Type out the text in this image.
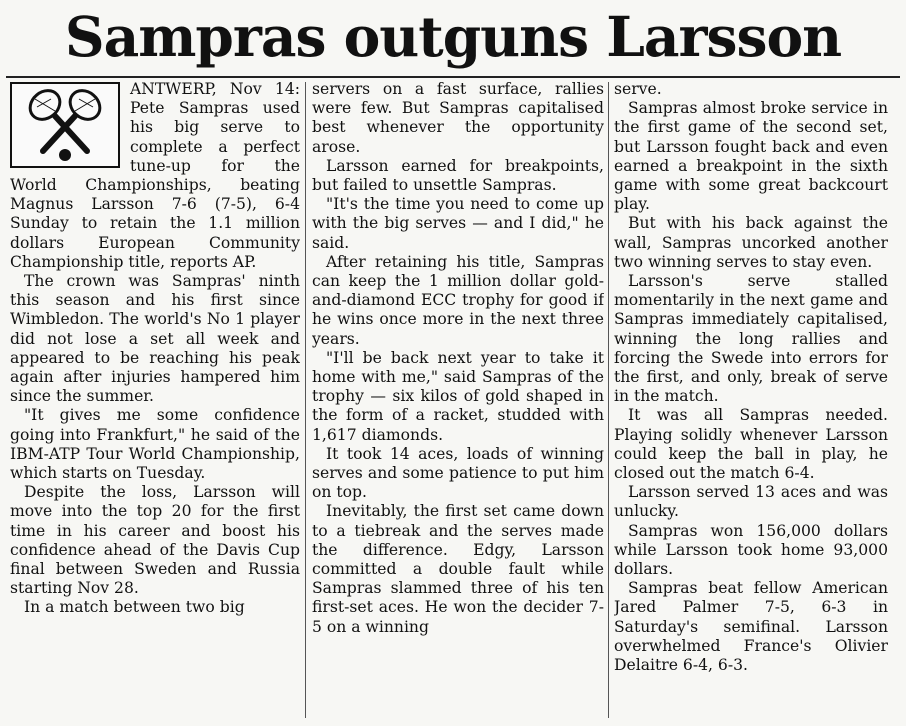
Sampras outguns Larsson

ANTWERP, Nov 14: Pete Sampras used his big serve to complete a perfect tune-up for the World Championships, beating Magnus Larsson 7-6 (7-5), 6-4 Sunday to retain the 1.1 million dollars European Community Championship title, reports AP.

The crown was Sampras' ninth this season and his first since Wimbledon. The world's No 1 player did not lose a set all week and appeared to be reaching his peak again after injuries hampered him since the summer.

"It gives me some confidence going into Frankfurt," he said of the IBM-ATP Tour World Championship, which starts on Tuesday.

Despite the loss, Larsson will move into the top 20 for the first time in his career and boost his confidence ahead of the Davis Cup final between Sweden and Russia starting Nov 28.

In a match between two big

servers on a fast surface, rallies were few. But Sampras capitalised best whenever the opportunity arose.

Larsson earned for breakpoints, but failed to unsettle Sampras.

"It's the time you need to come up with the big serves — and I did," he said.

After retaining his title, Sampras can keep the 1 million dollar gold-and-diamond ECC trophy for good if he wins once more in the next three years.

"I'll be back next year to take it home with me," said Sampras of the trophy — six kilos of gold shaped in the form of a racket, studded with 1,617 diamonds.

It took 14 aces, loads of winning serves and some patience to put him on top.

Inevitably, the first set came down to a tiebreak and the serves made the difference. Edgy, Larsson committed a double fault while Sampras slammed three of his ten first-set aces. He won the decider 7-5 on a winning

serve.

Sampras almost broke service in the first game of the second set, but Larsson fought back and even earned a breakpoint in the sixth game with some great backcourt play.

But with his back against the wall, Sampras uncorked another two winning serves to stay even.

Larsson's serve stalled momentarily in the next game and Sampras immediately capitalised, winning the long rallies and forcing the Swede into errors for the first, and only, break of serve in the match.

It was all Sampras needed. Playing solidly whenever Larsson could keep the ball in play, he closed out the match 6-4.

Larsson served 13 aces and was unlucky.

Sampras won 156,000 dollars while Larsson took home 93,000 dollars.

Sampras beat fellow American Jared Palmer 7-5, 6-3 in Saturday's semifinal. Larsson overwhelmed France's Olivier Delaitre 6-4, 6-3.
